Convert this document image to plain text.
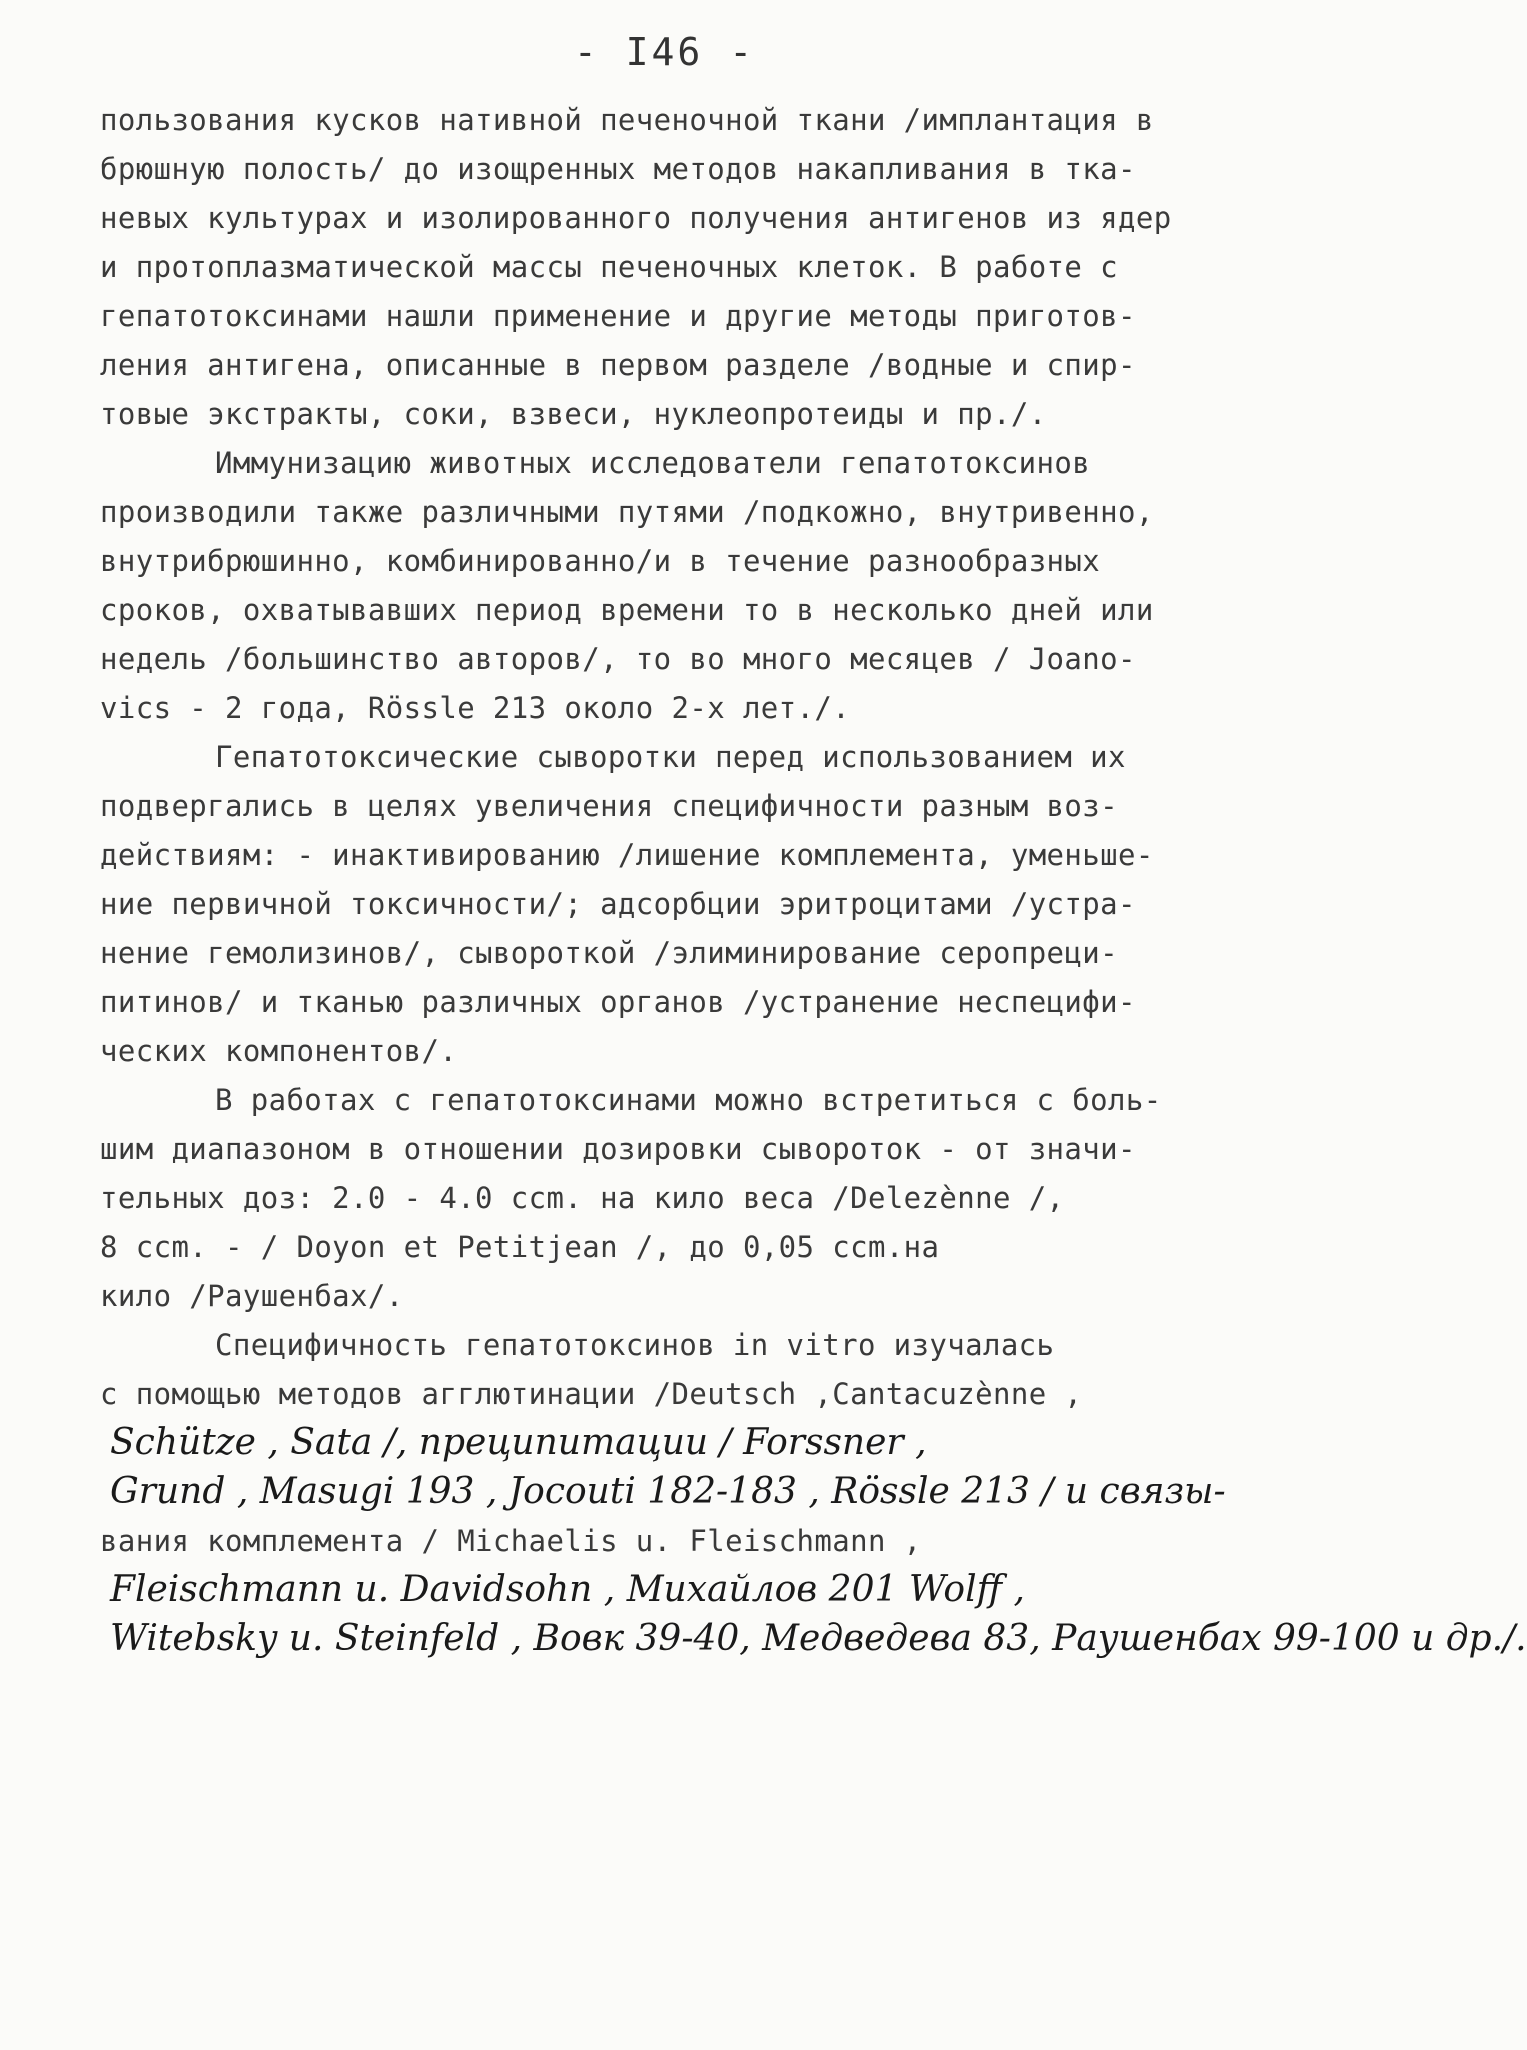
- I46 -
пользования кусков нативной печеночной ткани /имплантация в
брюшную полость/ до изощренных методов накапливания в тка-
невых культурах и изолированного получения антигенов из ядер
и протоплазматической массы печеночных клеток. В работе с
гепатотоксинами нашли применение и другие методы приготов-
ления антигена, описанные в первом разделе /водные и спир-
товые экстракты, соки, взвеси, нуклеопротеиды и пр./.
Иммунизацию животных исследователи гепатотоксинов
производили также различными путями /подкожно, внутривенно,
внутрибрюшинно, комбинированно/и в течение разнообразных
сроков, охватывавших период времени то в несколько дней или
недель /большинство авторов/, то во много месяцев / Joano-
vics - 2 года, Rössle 213 около 2-х лет./.
Гепатотоксические сыворотки перед использованием их
подвергались в целях увеличения специфичности разным воз-
действиям: - инактивированию /лишение комплемента, уменьше-
ние первичной токсичности/; адсорбции эритроцитами /устра-
нение гемолизинов/, сывороткой /элиминирование серопреци-
питинов/ и тканью различных органов /устранение неспецифи-
ческих компонентов/.
В работах с гепатотоксинами можно встретиться с боль-
шим диапазоном в отношении дозировки сывороток - от значи-
тельных доз: 2.0 - 4.0 ccm. на кило веса /Delezènne /,
8 ccm. - / Doyon et Petitjean /, до 0,05 ccm.на
кило /Раушенбах/.
Специфичность гепатотоксинов in vitro изучалась
с помощью методов агглютинации /Deutsch ,Cantacuzènne ,
Schütze , Sata /, преципитации / Forssner ,
Grund , Masugi 193 , Jocouti 182-183 , Rössle 213 / и связы-
вания комплемента / Michaelis u. Fleischmann ,
Fleischmann u. Davidsohn , Михайлов 201 Wolff ,
Witebsky u. Steinfeld , Вовк 39-40, Медведева 83, Раушенбах 99-100 и др./.
